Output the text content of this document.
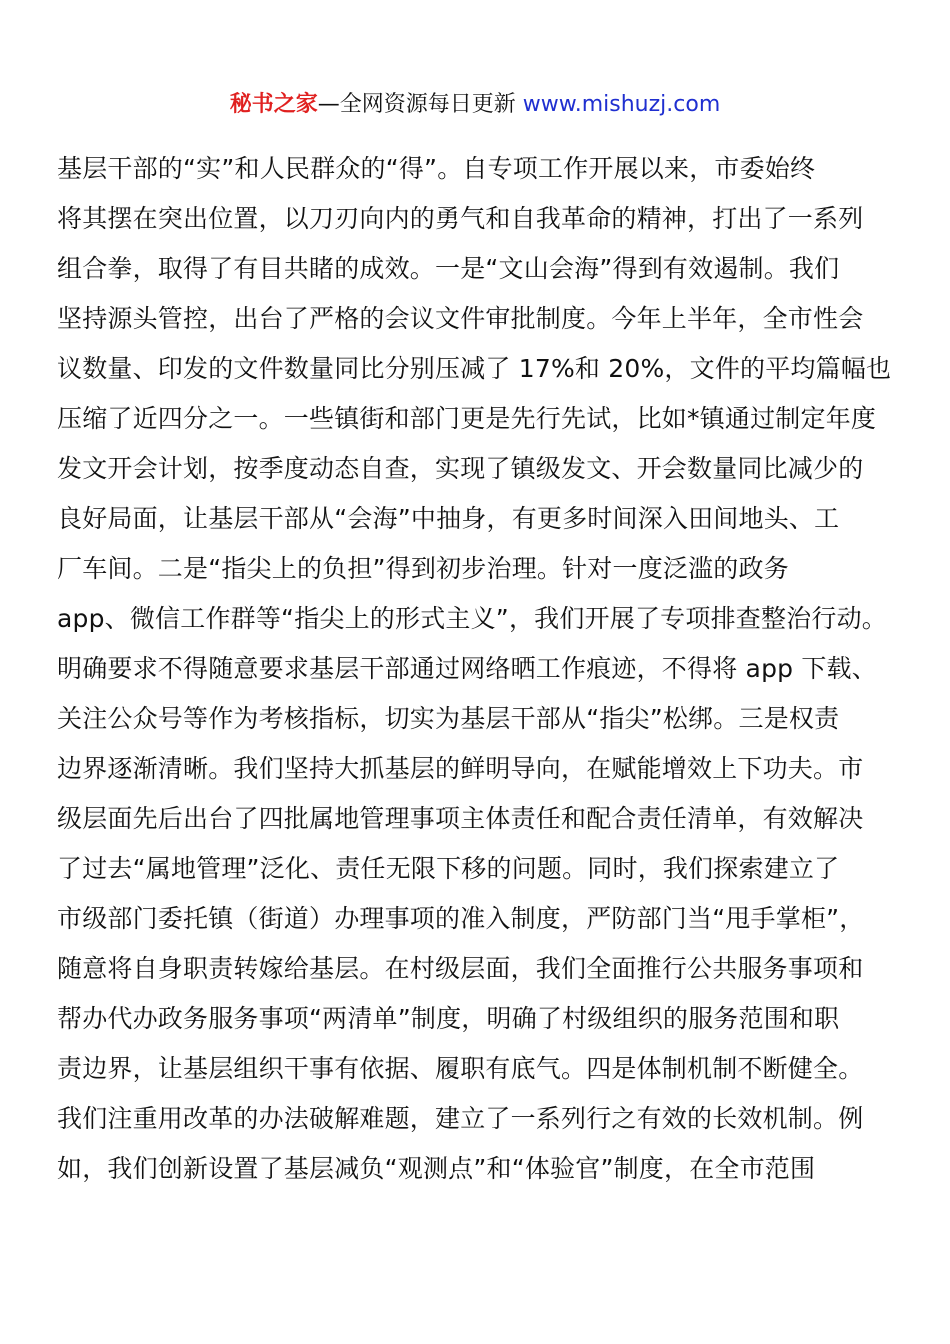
秘书之家—全网资源每日更新 www.mishuzj.com
基层干部的“实”和人民群众的“得”。自专项工作开展以来，市委始终
将其摆在突出位置，以刀刃向内的勇气和自我革命的精神，打出了一系列
组合拳，取得了有目共睹的成效。一是“文山会海”得到有效遏制。我们
坚持源头管控，出台了严格的会议文件审批制度。今年上半年，全市性会
议数量、印发的文件数量同比分别压减了 17%和 20%，文件的平均篇幅也
压缩了近四分之一。一些镇街和部门更是先行先试，比如*镇通过制定年度
发文开会计划，按季度动态自查，实现了镇级发文、开会数量同比减少的
良好局面，让基层干部从“会海”中抽身，有更多时间深入田间地头、工
厂车间。二是“指尖上的负担”得到初步治理。针对一度泛滥的政务
app、微信工作群等“指尖上的形式主义”，我们开展了专项排查整治行动。
明确要求不得随意要求基层干部通过网络晒工作痕迹，不得将 app 下载、
关注公众号等作为考核指标，切实为基层干部从“指尖”松绑。三是权责
边界逐渐清晰。我们坚持大抓基层的鲜明导向，在赋能增效上下功夫。市
级层面先后出台了四批属地管理事项主体责任和配合责任清单，有效解决
了过去“属地管理”泛化、责任无限下移的问题。同时，我们探索建立了
市级部门委托镇（街道）办理事项的准入制度，严防部门当“甩手掌柜”，
随意将自身职责转嫁给基层。在村级层面，我们全面推行公共服务事项和
帮办代办政务服务事项“两清单”制度，明确了村级组织的服务范围和职
责边界，让基层组织干事有依据、履职有底气。四是体制机制不断健全。
我们注重用改革的办法破解难题，建立了一系列行之有效的长效机制。例
如，我们创新设置了基层减负“观测点”和“体验官”制度，在全市范围
